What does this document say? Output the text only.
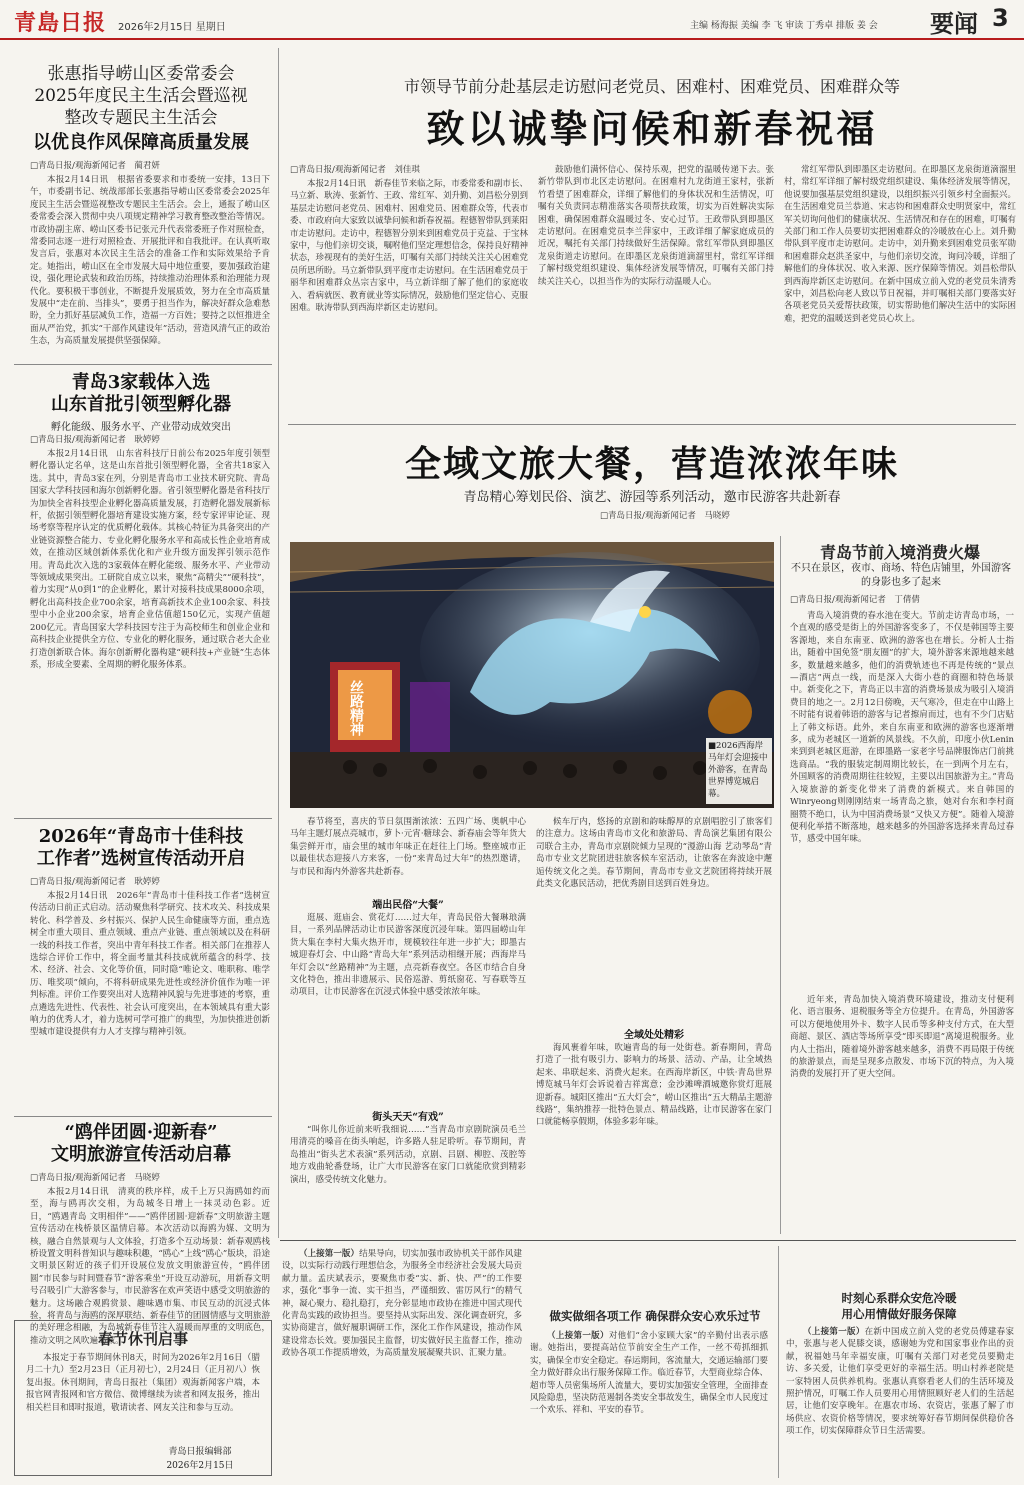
青島日报 2026年2月15日 星期日	主编 杨海振 美编 李 飞 审读 丁秀卓 排版 姜 会 要闻 3
张惠指导崂山区委常委会
2025年度民主生活会暨巡视
整改专题民主生活会
以优良作风保障高质量发展
□青岛日报/观海新闻记者　蔺君妍

本报2月14日讯　根据省委要求和市委统一安排，13日下午，市委副书记、统战部部长张惠指导崂山区委常委会2025年度民主生活会暨巡视整改专题民主生活会。会上，通报了崂山区委常委会深入贯彻中央八项规定精神学习教育整改整治等情况。市政协副主席、崂山区委书记张元升代表常委班子作对照检查，常委同志逐一进行对照检查、开展批评和自我批评。在认真听取发言后，张惠对本次民主生活会的准备工作和实际效果给予肯定。她指出，崂山区在全市发展大局中地位重要，要加强政治建设，强化理论武装和政治历练，持续推动治理体系和治理能力现代化。要积极干事创业，不断提升发展质效，努力在全市高质量发展中“走在前、当排头”，要勇于担当作为，解决好群众急难愁盼，全力抓好基层减负工作，造福一方百姓；要持之以恒推进全面从严治党，抓实“干部作风建设年”活动，营造风清气正的政治生态，为高质量发展提供坚强保障。

青岛3家载体入选
山东首批引领型孵化器
孵化能级、服务水平、产业带动成效突出
□青岛日报/观海新闻记者　耿婷婷

本报2月14日讯　山东省科技厅日前公布2025年度引领型孵化器认定名单，这是山东首批引领型孵化器，全省共18家入选。其中，青岛3家在列，分别是青岛市工业技术研究院、青岛国家大学科技园和海尔创新孵化器。省引领型孵化器是省科技厅为加快全省科技型企业孵化器高质量发展，打造孵化器发展新标杆，依据引领型孵化器培育建设实施方案，经专家评审论证、现场考察等程序认定的优质孵化载体。其核心特征为具备突出的产业链资源整合能力、专业化孵化服务水平和高成长性企业培育成效，在推动区域创新体系优化和产业升级方面发挥引领示范作用。青岛此次入选的3家载体在孵化能级、服务水平、产业带动等领域成果突出。工研院自成立以来，聚焦“高精尖”“硬科技”，着力实现“从0到1”的企业孵化，累计对接科技成果8000余项，孵化出高科技企业700余家，培育高新技术企业100余家、科技型中小企业200余家，培育企业估值超150亿元，实现产值超200亿元。青岛国家大学科技园专注于为高校师生和创业企业和高科技企业提供全方位、专业化的孵化服务，通过联合老大企业打造创新联合体。海尔创新孵化器构建“硬科技+产业链”生态体系，形成全要素、全周期的孵化服务体系。

2026年“青岛市十佳科技
工作者”选树宣传活动开启
□青岛日报/观海新闻记者　耿婷婷

本报2月14日讯　2026年“青岛市十佳科技工作者”选树宣传活动日前正式启动。活动聚焦科学研究、技术攻关、科技成果转化、科学普及、乡村振兴、保护人民生命健康等方面，重点选树全市重大项目、重点领域、重点产业链、重点领域以及在科研一线的科技工作者，突出中青年科技工作者。相关部门在推荐人选综合评价工作中，将全面考量其科技成就所蕴含的科学、技术、经济、社会、文化等价值，同时隐“唯论文、唯职称、唯学历、唯奖项”倾向，不将科研成果先进性或经济价值作为唯一评判标准。评价工作要突出对人选精神风貌与先进事迹的考察，重点遴选先进性、代表性、社会认可度突出，在本领域具有重大影响力的优秀人才，着力选树可学可推广的典型，为加快推进创新型城市建设提供有力人才支撑与精神引领。

“鸥伴团圆·迎新春”
文明旅游宣传活动启幕
□青岛日报/观海新闻记者　马晓婷

本报2月14日讯　清爽的秩序样，成千上万只海鸥如约而至，海与鸥再次交相，为岛城冬日增上一抹灵动色彩。近日，“鸥遇青岛 文明相伴”——“鸥伴团圆·迎新春”文明旅游主题宣传活动在栈桥景区温情启幕。本次活动以海鸥为媒、文明为核，融合自然景观与人文体验，打造多个互动场景：新春观鸥栈桥设置文明科普知识与趣味积趣，“鸥心”上线“鸥心”版块，沿途文明景区附近的孩子们开设展位发放文明旅游宣传，“鸥伴团圆”市民参与时间暨春节“游客乘坐”开设互动游玩，用新春文明号召吸引广大游客参与，市民游客在欢声笑语中感受文明旅游的魅力。这场融合观鸥赏景、趣味遇市集、市民互动的沉浸式体验，将青岛与海鸥的深厚联结、新春佳节的团圆情感与文明旅游的美好理念相融，为岛城新春佳节注入温暖而厚重的文明底色，推动文明之风吹遍岛城。

春节休刊启事

本报定于春节期间休刊8天，时间为2026年2月16日（腊月二十九）至2月23日（正月初七），2月24日（正月初八）恢复出报。休刊期间，青岛日报社（集团）观海新闻客户端，本报官网青报网和官方微信、微博继续为读者和网友报务，推出相关栏目和即时报道，敬请读者、网友关注和参与互动。

青岛日报编辑部
2026年2月15日
市领导节前分赴基层走访慰问老党员、困难村、困难党员、困难群众等
致以诚挚问候和新春祝福
□青岛日报/观海新闻记者　刘佳琪

本报2月14日讯　新春佳节来临之际，市委常委和副市长、马立新、耿涛、张新竹、王政、常红军、刘升勤、刘昌松分别到基层走访慰问老党员、困难村、困难党员、困难群众等，代表市委、市政府向大家致以诚挚问候和新春祝福。程德智带队到莱阳市走访慰问。走访中，程德智分别来到困难党员于克益、于宝林家中，与他们亲切交谈，嘱咐他们坚定理想信念，保持良好精神状态，珍视现有的美好生活，叮嘱有关部门持续关注关心困难党员所思所盼。马立新带队到平度市走访慰问。在生活困难党员于丽华和困难群众丛宗吉家中，马立新详细了解了他们的家庭收入、看病就医、教育就业等实际情况，鼓励他们坚定信心、克服困难。耿涛带队到西海岸新区走访慰问。

鼓励他们满怀信心、保持乐观，把党的温暖传递下去。张新竹带队到市北区走访慰问。在困难村九龙街道王家村，张新竹看望了困难群众，详细了解他们的身体状况和生活情况，叮嘱有关负责同志精准落实各项帮扶政策，切实为百姓解决实际困难，确保困难群众温暖过冬、安心过节。王政带队到即墨区走访慰问。在困难党员李兰萍家中，王政详细了解家庭成员的近况，嘱托有关部门持续做好生活保障。常红军带队到即墨区龙泉街道走访慰问。在即墨区龙泉街道滴溜里村，常红军详细了解村级党组织建设、集体经济发展等情况，叮嘱有关部门持续关注关心，以担当作为的实际行动温暖人心。

常红军带队到即墨区走访慰问。在即墨区龙泉街道滴溜里村，常红军详细了解村级党组织建设、集体经济发展等情况，他说要加强基层党组织建设，以组织振兴引领乡村全面振兴。在生活困难党员兰恭道、宋志钧和困难群众史明贤家中，常红军关切询问他们的健康状况、生活情况和存在的困难，叮嘱有关部门和工作人员要切实把困难群众的冷暖放在心上。刘升勤带队到平度市走访慰问。走访中，刘升勤来到困难党员张军勋和困难群众赵洪圣家中，与他们亲切交流，询问冷暖，详细了解他们的身体状况、收入来源、医疗保障等情况。刘昌松带队到西海岸新区走访慰问。在新中国成立前入党的老党员朱清秀家中，刘昌松向老人致以节日祝福，并叮嘱相关部门要落实好各项老党员关爱帮扶政策，切实帮助他们解决生活中的实际困难，把党的温暖送到老党员心坎上。

全域文旅大餐，营造浓浓年味
青岛精心筹划民俗、演艺、游园等系列活动，邀市民游客共赴新春
□青岛日报/观海新闻记者　马晓婷
丝路精神
■2026西海岸马年灯会迎接中外游客，在青岛世界博览城启幕。

春节将至，喜庆的节日氛围渐浓浓：五四广场、奥帆中心马年主题灯展点亮城市，萝卜·元宵·糖球会、新春庙会等年货大集尝鲜开市，庙会里的城市年味正在赶往上门场。整座城市正以最佳状态迎接八方来客，一份“来青岛过大年”的热烈邀请，与市民和海内外游客共赴新春。

端出民俗“大餐”

逛展、逛庙会、赏花灯……过大年，青岛民俗大餐琳琅满目，一系列品牌活动让市民游客深度沉浸年味。第四届崂山年货大集在李村大集火热开市，规模较往年进一步扩大；即墨古城迎春灯会、中山路“青岛大年”系列活动相继开展；西海岸马年灯会以“丝路精神”为主题，点亮新春夜空。各区市结合自身文化特色，推出非遗展示、民俗巡游、剪纸窗花、写春联等互动项目，让市民游客在沉浸式体验中感受浓浓年味。

街头天天“有戏”

“叫你儿你近前来听我细说……”当青岛市京剧院演员毛兰用清亮的嗓音在街头响起，许多路人驻足聆听。春节期间，青岛推出“街头艺术表演”系列活动，京剧、吕剧、柳腔、茂腔等地方戏曲轮番登场，让广大市民游客在家门口就能欣赏到精彩演出，感受传统文化魅力。

候车厅内，悠扬的京剧和韵味醇厚的京剧唱腔引了旅客们的注意力。这场由青岛市文化和旅游局、青岛演艺集团有限公司联合主办，青岛市京剧院倾力呈现的“漫游山海 艺动琴岛”青岛市专业文艺院团进驻旅客候车室活动，让旅客在奔波途中邂逅传统文化之美。春节期间，青岛市专业文艺院团将持续开展此类文化惠民活动，把优秀剧目送到百姓身边。

全域处处精彩

海风裹着年味，吹遍青岛的每一处街巷。新春期间，青岛打造了一批有吸引力、影响力的场景、活动、产品，让全域热起来、串联起来、消费火起来。在西海岸新区，中铁·青岛世界博览城马年灯会诉说着吉祥寓意；金沙滩啤酒城邀你赏灯逛展迎新春。城阳区推出“五大灯会”，崂山区推出“五大精品主题游线路”，集纳推荐一批特色景点、精品线路，让市民游客在家门口就能畅享假期，体验多彩年味。

青岛节前入境消费火爆
不只在景区，夜市、商场、特色店铺里，外国游客的身影也多了起来
□青岛日报/观海新闻记者　丁倩倩

青岛入境消费的春水池在变大。节前走访青岛市场，一个直观的感受是街上的外国游客变多了，不仅是韩国等主要客源地，来自东南亚、欧洲的游客也在增长。分析人士指出，随着中国免签“朋友圈”的扩大，境外游客来源地越来越多，数量越来越多，他们的消费轨迹也不再是传统的“景点—酒店”两点一线，而是深入大街小巷的商圈和特色场景中。新变化之下，青岛正以丰富的消费场景成为吸引入境消费目的地之一。2月12日傍晚，天气寒冷，但走在中山路上不时能有说着韩语的游客与记者擦肩而过，也有不少门店贴上了韩文标语。此外，来自东南亚和欧洲的游客也逐渐增多，成为老城区一道新的风景线。不久前，印度小伙Lenin来到到老城区逛游，在即墨路一家老字号品牌服饰店门前挑选商品。“我的服装定制周期比较长，在一到两个月左右，外国顾客的消费周期往往较短，主要以出国旅游为主。”青岛入境旅游的新变化带来了消费的新模式。来自韩国的Winryeong则刚刚结束一场青岛之旅，她对台东和李村商圈赞不绝口，认为中国消费场景“又快又方便”。随着入境游便利化举措不断落地，越来越多的外国游客选择来青岛过春节，感受中国年味。

近年来，青岛加快入境消费环境建设，推动支付便利化、语言服务、退税服务等全方位提升。在青岛，外国游客可以方便地使用外卡、数字人民币等多种支付方式，在大型商超、景区、酒店等场所享受“即买即退”离境退税服务。业内人士指出，随着境外游客越来越多，消费不再局限于传统的旅游景点，而是呈现多点散发、市场下沉的特点，为入境消费的发展打开了更大空间。

（上接第一版）结果导向，切实加强市政协机关干部作风建设，以实际行动践行理想信念，为服务全市经济社会发展大局贡献力量。孟庆斌表示，要聚焦市委“实、新、快、严”的工作要求，强化“事争一流、实干担当，严谨细致、雷厉风行”的精气神，凝心聚力、稳扎稳打，充分彰显地市政协在推进中国式现代化青岛实践的政协担当。要坚持从实际出发、深化调查研究，多实协商建言，做好履职调研工作，深化工作作风建设，推动作风建设常态长效。要加强民主监督，切实做好民主监督工作，推动政协各项工作提质增效，为高质量发展凝聚共识、汇聚力量。

做实做细各项工作 确保群众安心欢乐过节

（上接第一版）对他们“舍小家顾大家”的辛勤付出表示感谢。她指出，要提高站位节前安全生产工作，一丝不苟抓细抓实，确保全市安全稳定。春运期间，客流量大，交通运输部门要全力做好群众出行服务保障工作。临近春节，大型商业综合体、超市等人员密集场所人流量大，要切实加强安全管理，全面排查风险隐患，坚决防范遏制各类安全事故发生，确保全市人民度过一个欢乐、祥和、平安的春节。

时刻心系群众安危冷暖
用心用情做好服务保障

（上接第一版）在新中国成立前入党的老党员傅建春家中，张惠与老人促膝交谈，感谢她为党和国家事业作出的贡献，祝福她马年幸福安康，叮嘱有关部门对老党员要勤走访、多关爱，让他们享受更好的幸福生活。明山村养老院是一家特困人员供养机构。张惠认真察看老人们的生活环境及照护情况，叮嘱工作人员要用心用情照顾好老人们的生活起居，让他们安享晚年。在惠农市场、农资店，张惠了解了市场供应、农资价格等情况，要求统筹好春节期间保供稳价各项工作，切实保障群众节日生活需要。
